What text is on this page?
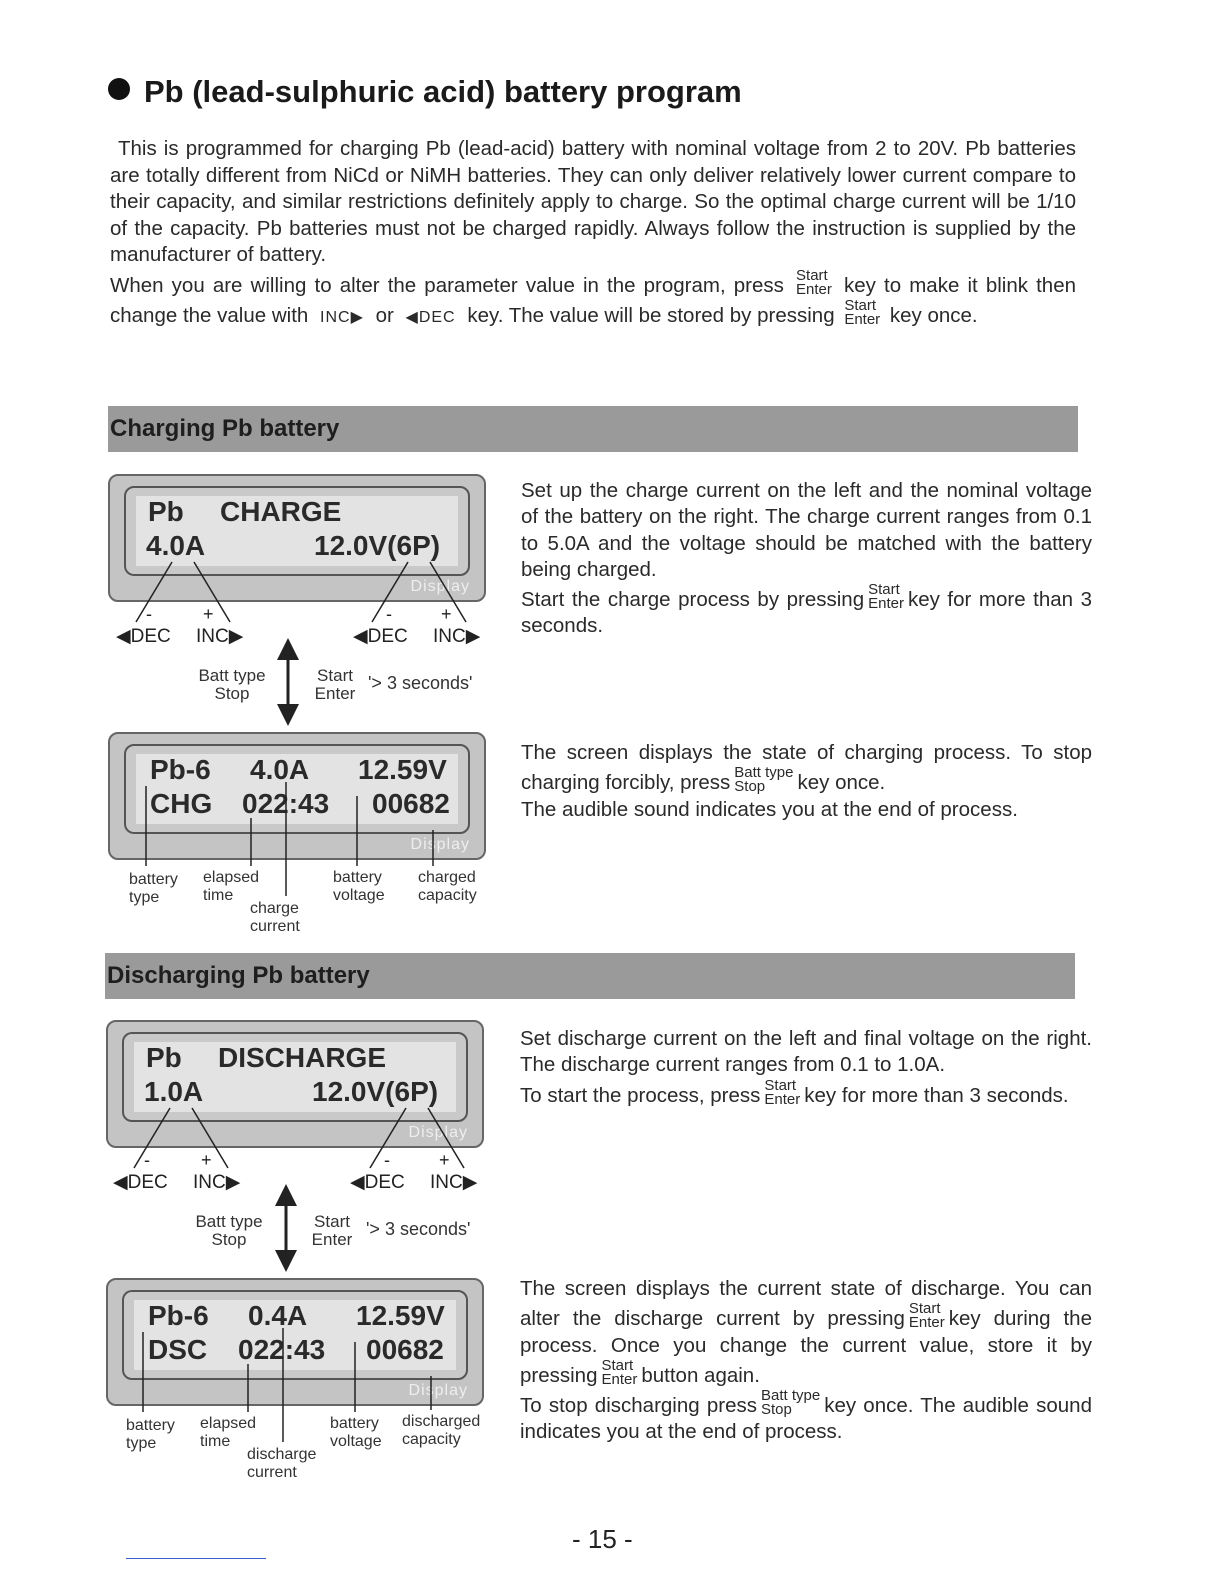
Pb (lead-sulphuric acid) battery program

This is programmed for charging Pb (lead-acid) battery with nominal voltage from 2 to 20V. Pb batteries are totally different from NiCd or NiMH batteries. They can only deliver relatively lower current compare to their capacity, and similar restrictions definitely apply to charge. So the optimal charge current will be 1/10 of the capacity. Pb batteries must not be charged rapidly. Always follow the instruction is supplied by the manufacturer of battery.

When you are willing to alter the parameter value in the program, press Start
Enter key to make it blink then change the value with INC▶ or ◀DEC key. The value will be stored by pressing Start
Enter key once.

Charging Pb battery
Pb CHARGE
4.0A	12.0V(6P)
Display
-	+	-	+
◀DEC INC▶	◀DEC INC▶
Batt type
Stop
Start
Enter
'> 3 seconds'
Pb-6 4.0A 12.59V
CHG 022:43 00682
Display
battery
type
elapsed
time
charge
current
battery
voltage
charged
capacity

Set up the charge current on the left and the nominal voltage of the battery on the right. The charge current ranges from 0.1 to 5.0A and the voltage should be matched with the battery being charged.

Start the charge process by pressing Start
Enter key for more than 3 seconds.

The screen displays the state of charging process. To stop charging forcibly, press Batt type
Stop	key once.

The audible sound indicates you at the end of process.

Discharging Pb battery
Pb DISCHARGE
1.0A	12.0V(6P)
Display
-	+	-	+
◀DEC INC▶	◀DEC INC▶
Batt type
Stop
Start
Enter
'> 3 seconds'
Pb-6 0.4A 12.59V
DSC 022:43 00682
Display
battery
type
elapsed
time
discharge
current
battery
voltage
discharged
capacity

Set discharge current on the left and final voltage on the right. The discharge current ranges from 0.1 to 1.0A.

To start the process, press Start
Enter key for more than 3 seconds.

The screen displays the current state of discharge. You can alter the discharge current by pressing Start
Enter key during the process. Once you change the current value, store it by pressing Start
Enter button again.

To stop discharging press Batt type
Stop	key once. The audible sound indicates you at the end of process.

- 15 -
